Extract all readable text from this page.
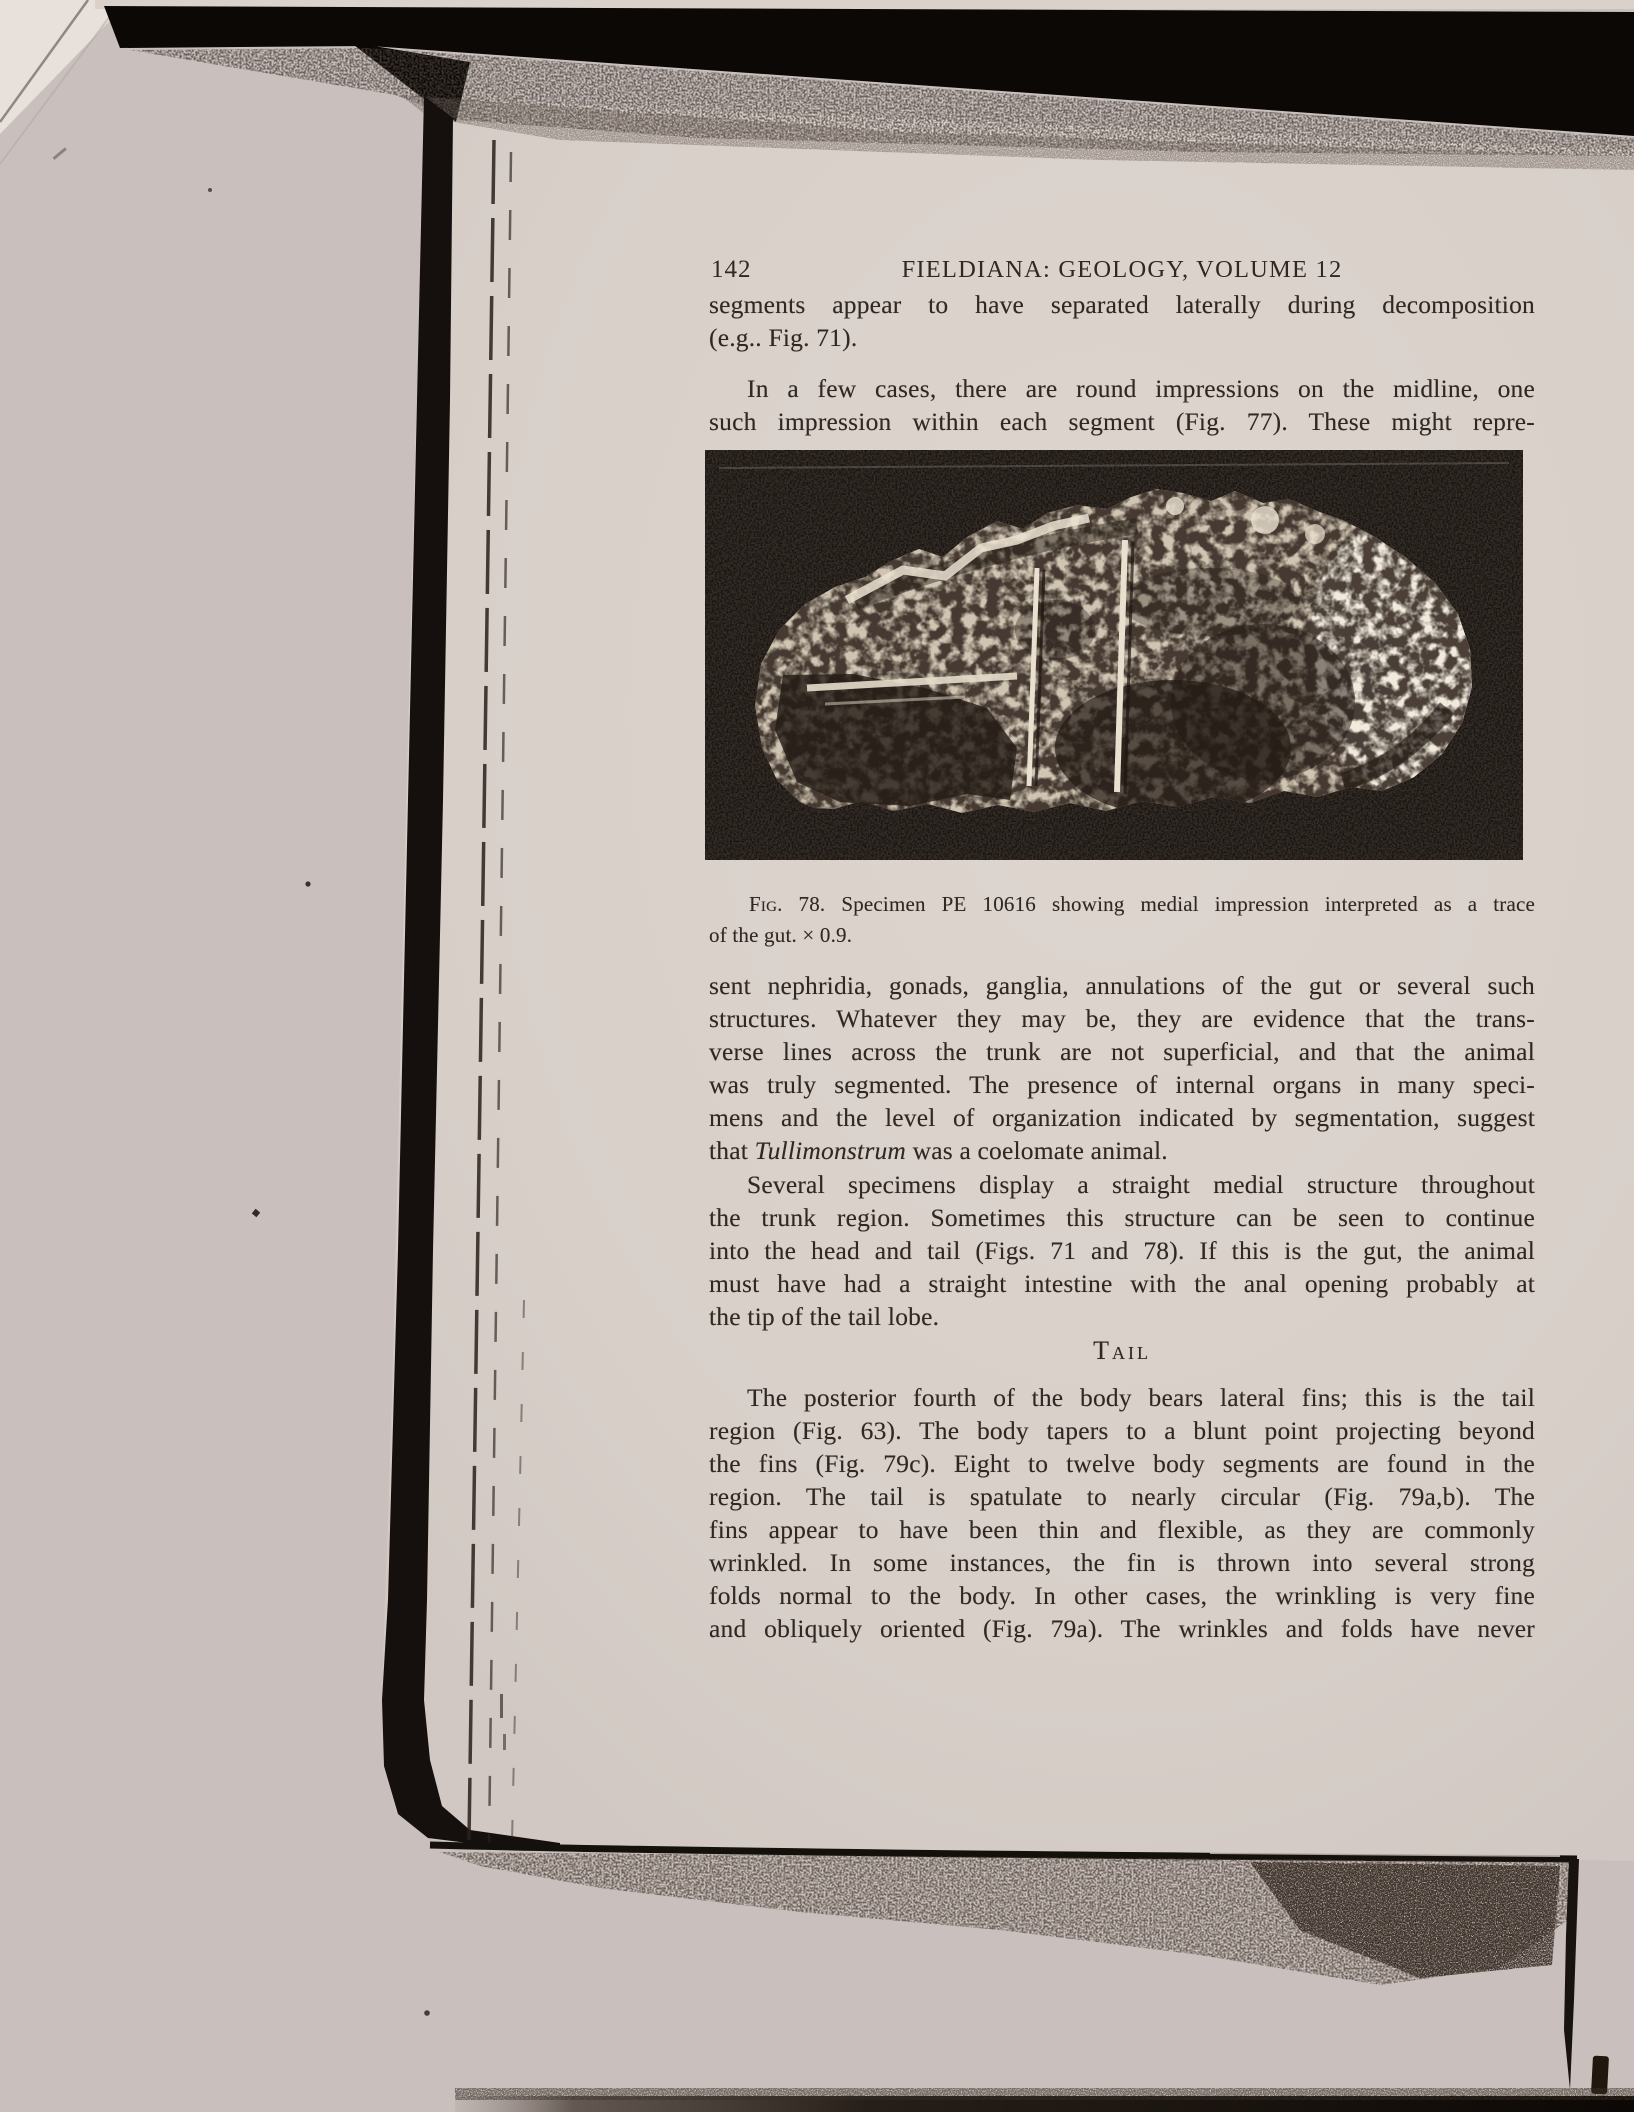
142	FIELDIANA: GEOLOGY, VOLUME 12
segments appear to have separated laterally during decomposition
(e.g.. Fig. 71).
In a few cases, there are round impressions on the midline, one
such impression within each segment (Fig. 77). These might repre-
Fig. 78. Specimen PE 10616 showing medial impression interpreted as a trace
of the gut. × 0.9.
sent nephridia, gonads, ganglia, annulations of the gut or several such
structures. Whatever they may be, they are evidence that the trans-
verse lines across the trunk are not superficial, and that the animal
was truly segmented. The presence of internal organs in many speci-
mens and the level of organization indicated by segmentation, suggest
that Tullimonstrum was a coelomate animal.
Several specimens display a straight medial structure throughout
the trunk region. Sometimes this structure can be seen to continue
into the head and tail (Figs. 71 and 78). If this is the gut, the animal
must have had a straight intestine with the anal opening probably at
the tip of the tail lobe.
Tail
The posterior fourth of the body bears lateral fins; this is the tail
region (Fig. 63). The body tapers to a blunt point projecting beyond
the fins (Fig. 79c). Eight to twelve body segments are found in the
region. The tail is spatulate to nearly circular (Fig. 79a,b). The
fins appear to have been thin and flexible, as they are commonly
wrinkled. In some instances, the fin is thrown into several strong
folds normal to the body. In other cases, the wrinkling is very fine
and obliquely oriented (Fig. 79a). The wrinkles and folds have never
